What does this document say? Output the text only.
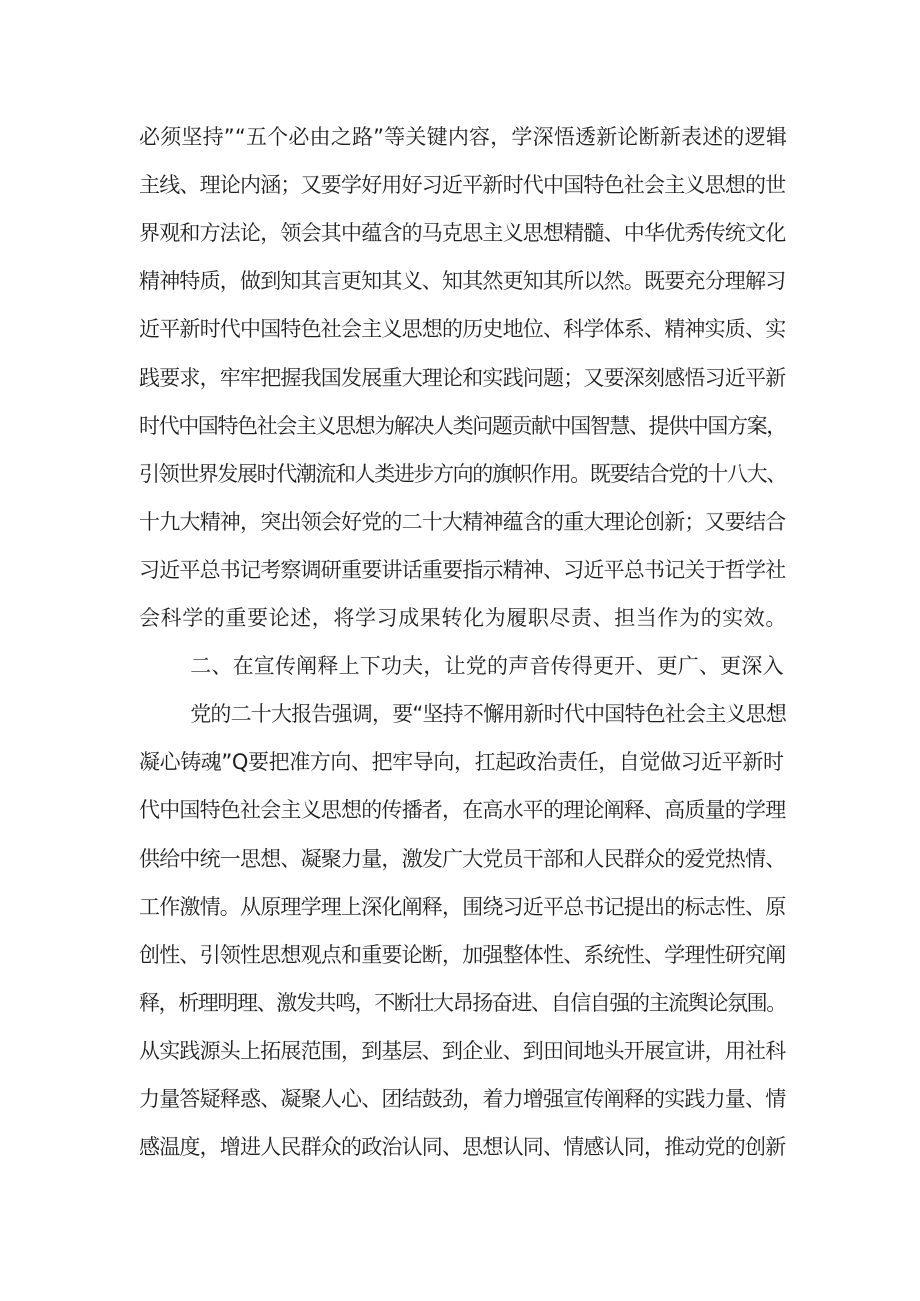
必须坚持”“五个必由之路”等关键内容，学深悟透新论断新表述的逻辑
主线、理论内涵；又要学好用好习近平新时代中国特色社会主义思想的世
界观和方法论，领会其中蕴含的马克思主义思想精髓、中华优秀传统文化
精神特质，做到知其言更知其义、知其然更知其所以然。既要充分理解习
近平新时代中国特色社会主义思想的历史地位、科学体系、精神实质、实
践要求，牢牢把握我国发展重大理论和实践问题；又要深刻感悟习近平新
时代中国特色社会主义思想为解决人类问题贡献中国智慧、提供中国方案，
引领世界发展时代潮流和人类进步方向的旗帜作用。既要结合党的十八大、
十九大精神，突出领会好党的二十大精神蕴含的重大理论创新；又要结合
习近平总书记考察调研重要讲话重要指示精神、习近平总书记关于哲学社
会科学的重要论述，将学习成果转化为履职尽责、担当作为的实效。
二、在宣传阐释上下功夫，让党的声音传得更开、更广、更深入
党的二十大报告强调，要“坚持不懈用新时代中国特色社会主义思想
凝心铸魂”Q要把准方向、把牢导向，扛起政治责任，自觉做习近平新时
代中国特色社会主义思想的传播者，在高水平的理论阐释、高质量的学理
供给中统一思想、凝聚力量，激发广大党员干部和人民群众的爱党热情、
工作激情。从原理学理上深化阐释，围绕习近平总书记提出的标志性、原
创性、引领性思想观点和重要论断，加强整体性、系统性、学理性研究阐
释，析理明理、激发共鸣，不断壮大昂扬奋进、自信自强的主流舆论氛围。
从实践源头上拓展范围，到基层、到企业、到田间地头开展宣讲，用社科
力量答疑释惑、凝聚人心、团结鼓劲，着力增强宣传阐释的实践力量、情
感温度，增进人民群众的政治认同、思想认同、情感认同，推动党的创新
